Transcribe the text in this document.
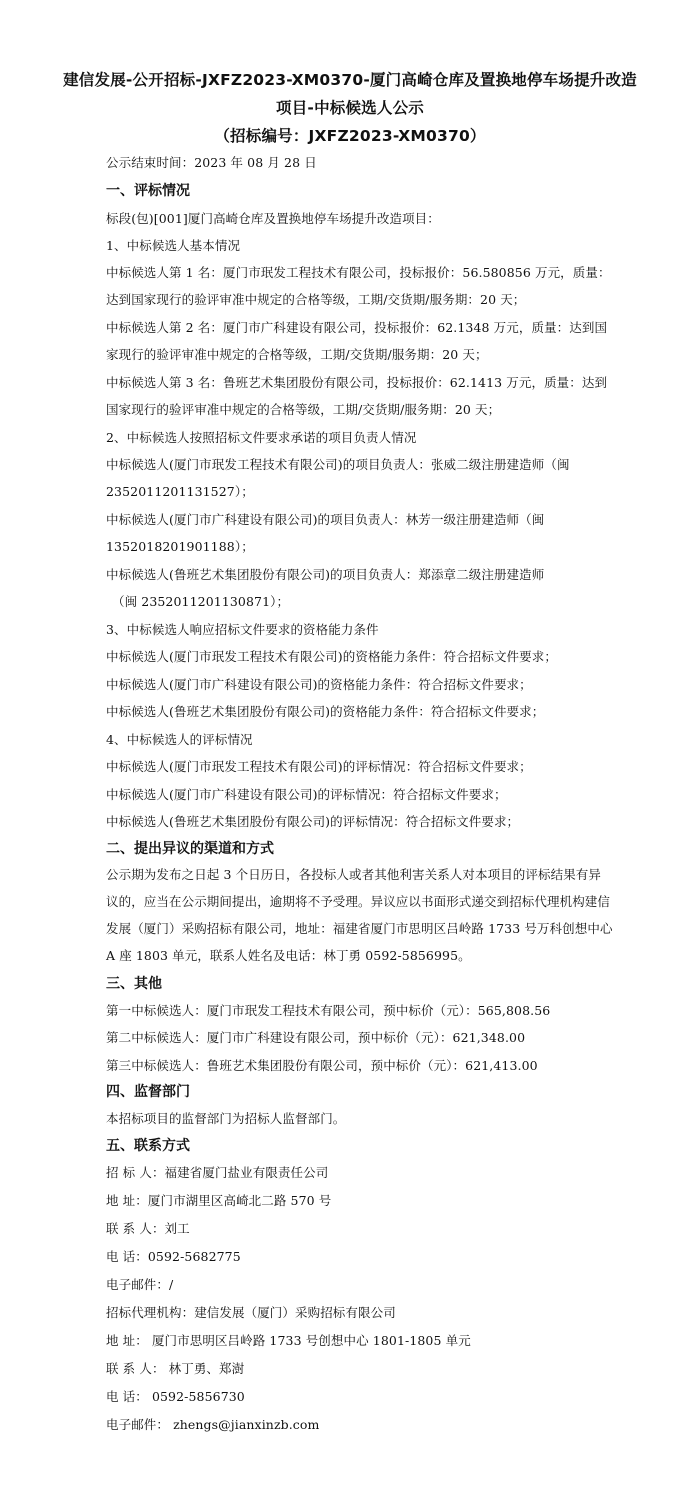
建信发展-公开招标-JXFZ2023-XM0370-厦门高崎仓库及置换地停车场提升改造
项目-中标候选人公示
（招标编号：JXFZ2023-XM0370）
公示结束时间：2023 年 08 月 28 日
一、评标情况
标段(包)[001]厦门高崎仓库及置换地停车场提升改造项目：
1、中标候选人基本情况
中标候选人第 1 名：厦门市珉发工程技术有限公司，投标报价：56.580856 万元，质量：
达到国家现行的验评审准中规定的合格等级，工期/交货期/服务期：20 天；
中标候选人第 2 名：厦门市广科建设有限公司，投标报价：62.1348 万元，质量：达到国
家现行的验评审准中规定的合格等级，工期/交货期/服务期：20 天；
中标候选人第 3 名：鲁班艺术集团股份有限公司，投标报价：62.1413 万元，质量：达到
国家现行的验评审准中规定的合格等级，工期/交货期/服务期：20 天；
2、中标候选人按照招标文件要求承诺的项目负责人情况
中标候选人(厦门市珉发工程技术有限公司)的项目负责人：张威二级注册建造师（闽
2352011201131527）；
中标候选人(厦门市广科建设有限公司)的项目负责人：林芳一级注册建造师（闽
1352018201901188）；
中标候选人(鲁班艺术集团股份有限公司)的项目负责人：郑添章二级注册建造师
（闽 2352011201130871）；
3、中标候选人响应招标文件要求的资格能力条件
中标候选人(厦门市珉发工程技术有限公司)的资格能力条件：符合招标文件要求；
中标候选人(厦门市广科建设有限公司)的资格能力条件：符合招标文件要求；
中标候选人(鲁班艺术集团股份有限公司)的资格能力条件：符合招标文件要求；
4、中标候选人的评标情况
中标候选人(厦门市珉发工程技术有限公司)的评标情况：符合招标文件要求；
中标候选人(厦门市广科建设有限公司)的评标情况：符合招标文件要求；
中标候选人(鲁班艺术集团股份有限公司)的评标情况：符合招标文件要求；
二、提出异议的渠道和方式
公示期为发布之日起 3 个日历日，各投标人或者其他利害关系人对本项目的评标结果有异
议的，应当在公示期间提出，逾期将不予受理。异议应以书面形式递交到招标代理机构建信
发展（厦门）采购招标有限公司，地址：福建省厦门市思明区吕岭路 1733 号万科创想中心
A 座 1803 单元，联系人姓名及电话：林丁勇 0592-5856995。
三、其他
第一中标候选人：厦门市珉发工程技术有限公司，预中标价（元）：565,808.56
第二中标候选人：厦门市广科建设有限公司，预中标价（元）：621,348.00
第三中标候选人：鲁班艺术集团股份有限公司，预中标价（元）：621,413.00
四、监督部门
本招标项目的监督部门为招标人监督部门。
五、联系方式
招 标 人：福建省厦门盐业有限责任公司
地 址：厦门市湖里区高崎北二路 570 号
联 系 人：刘工
电 话：0592-5682775
电子邮件：/
招标代理机构：建信发展（厦门）采购招标有限公司
地 址： 厦门市思明区吕岭路 1733 号创想中心 1801-1805 单元
联 系 人： 林丁勇、郑澍
电 话： 0592-5856730
电子邮件： zhengs@jianxinzb.com
